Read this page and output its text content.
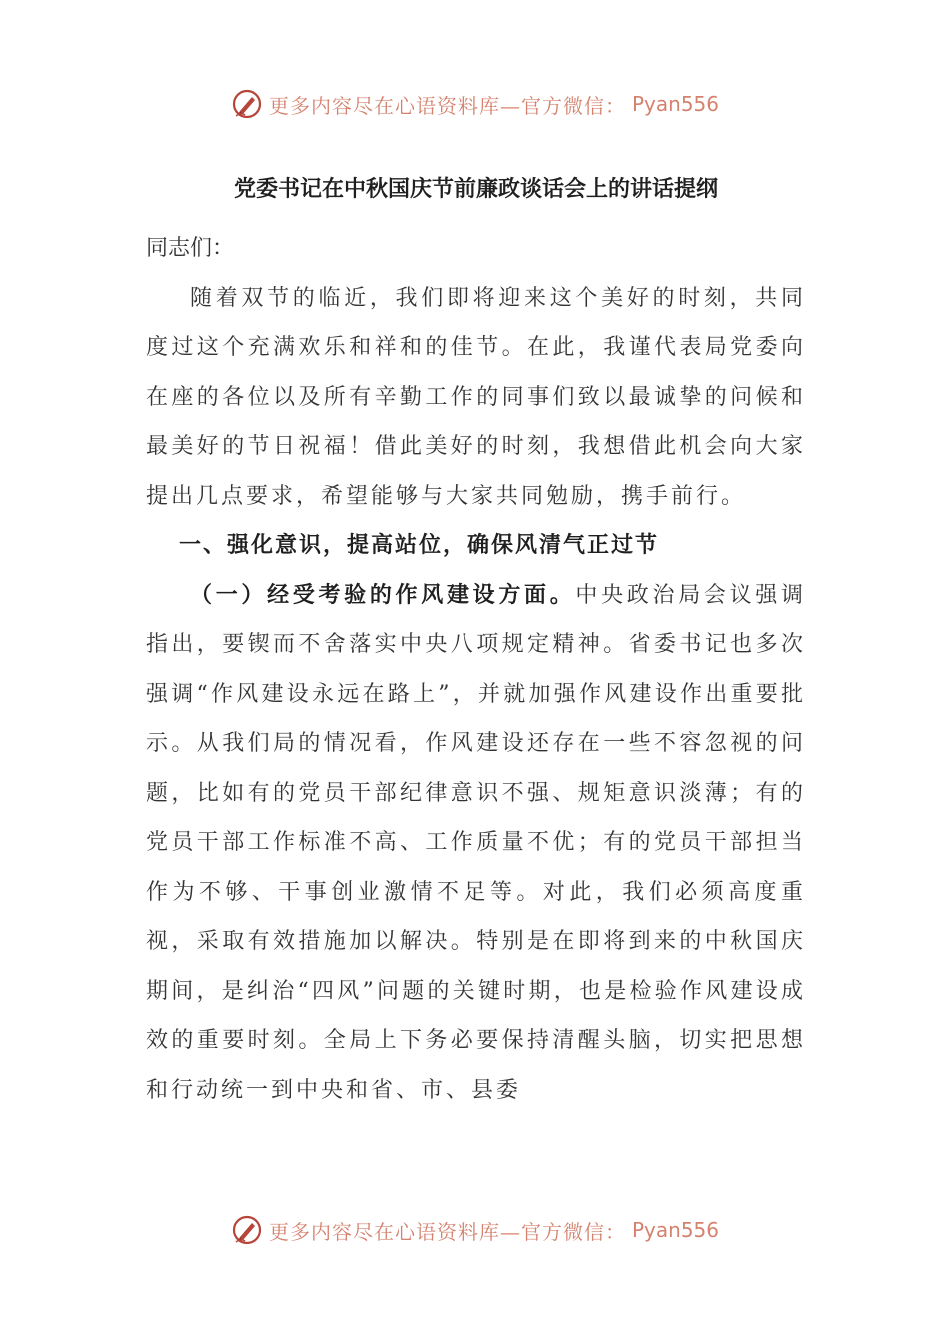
更多内容尽在心语资料库—官方微信： Pyan556
党委书记在中秋国庆节前廉政谈话会上的讲话提纲

同志们：

随着双节的临近，我们即将迎来这个美好的时刻，共同度过这个充满欢乐和祥和的佳节。在此，我谨代表局党委向在座的各位以及所有辛勤工作的同事们致以最诚挚的问候和最美好的节日祝福！借此美好的时刻，我想借此机会向大家提出几点要求，希望能够与大家共同勉励，携手前行。

一、强化意识，提高站位，确保风清气正过节

（一）经受考验的作风建设方面。中央政治局会议强调指出，要锲而不舍落实中央八项规定精神。省委书记也多次强调“作风建设永远在路上”，并就加强作风建设作出重要批示。从我们局的情况看，作风建设还存在一些不容忽视的问题，比如有的党员干部纪律意识不强、规矩意识淡薄；有的党员干部工作标准不高、工作质量不优；有的党员干部担当作为不够、干事创业激情不足等。对此，我们必须高度重视，采取有效措施加以解决。特别是在即将到来的中秋国庆期间，是纠治“四风”问题的关键时期，也是检验作风建设成效的重要时刻。全局上下务必要保持清醒头脑，切实把思想和行动统一到中央和省、市、县委

更多内容尽在心语资料库—官方微信： Pyan556
